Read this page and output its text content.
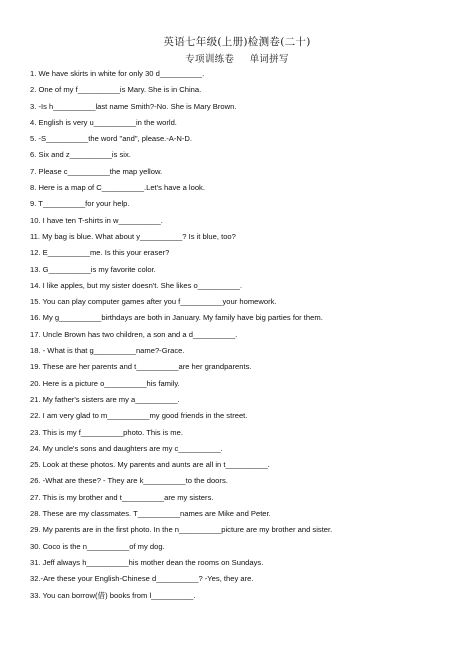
英语七年级(上册)检测卷(二十)
专项训练卷 单词拼写
1. We have skirts in white for only 30 d__________.
2. One of my f__________is Mary. She is in China.
3. -Is h__________last name Smith?-No. She is Mary Brown.
4. English is very u__________in the world.
5. -S__________the word "and", please.-A-N-D.
6. Six and z__________is six.
7. Please c__________the map yellow.
8. Here is a map of C__________.Let's have a look.
9. T__________for your help.
10. I have ten T-shirts in w__________.
11. My bag is blue. What about y__________? Is it blue, too?
12. E__________me. Is this your eraser?
13. G__________is my favorite color.
14. I like apples, but my sister doesn't. She likes o__________.
15. You can play computer games after you f__________your homework.
16. My g__________birthdays are both in January. My family have big parties for them.
17. Uncle Brown has two children, a son and a d__________.
18. - What is that g__________name?-Grace.
19. These are her parents and t__________are her grandparents.
20. Here is a picture o__________his family.
21. My father's sisters are my a__________.
22. I am very glad to m__________my good friends in the street.
23. This is my f__________photo. This is me.
24. My uncle's sons and daughters are my c__________.
25. Look at these photos. My parents and aunts are all in t__________.
26. -What are these? - They are k__________to the doors.
27. This is my brother and t__________are my sisters.
28. These are my classmates. T__________names are Mike and Peter.
29. My parents are in the first photo. In the n__________picture are my brother and sister.
30. Coco is the n__________of my dog.
31. Jeff always h__________his mother dean the rooms on Sundays.
32.-Are these your English-Chinese d__________? -Yes, they are.
33. You can borrow(借) books from l__________.
